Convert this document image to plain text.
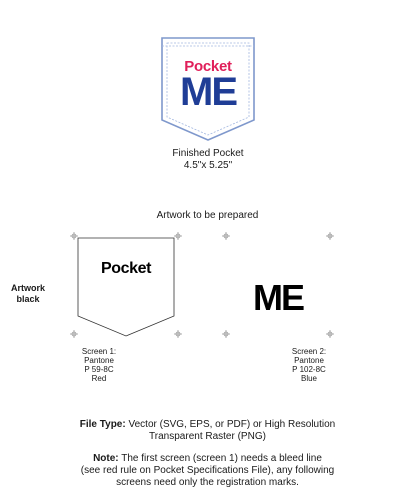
Pocket
ME
Finished Pocket
4.5"x 5.25"
Artwork to be prepared
Artwork
black
Pocket
Screen 1:
Pantone
P 59-8C
Red
ME
Screen 2:
Pantone
P 102-8C
Blue
File Type: Vector (SVG, EPS, or PDF) or High Resolution
Transparent Raster (PNG)
Note: The first screen (screen 1) needs a bleed line
(see red rule on Pocket Specifications File), any following
screens need only the registration marks.
